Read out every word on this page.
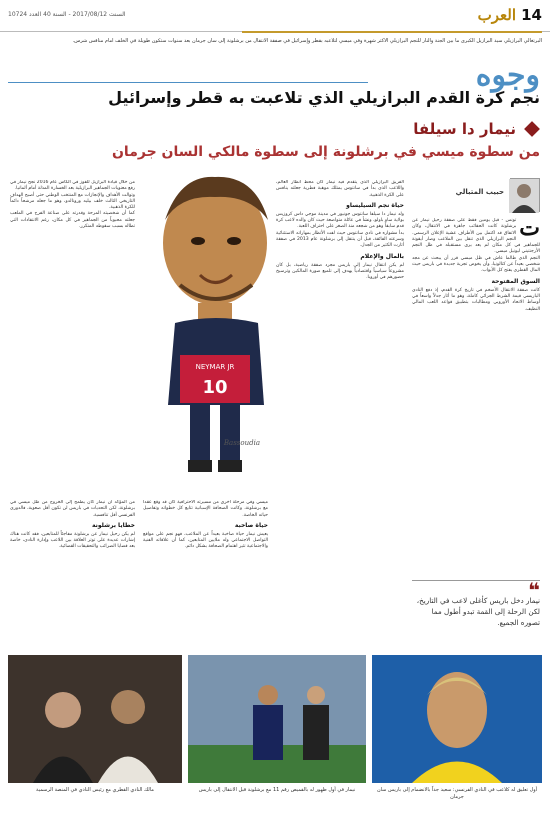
14
العرب
السنت 2017/08/12 - السنة 40 العدد 10724
البرتغالي البرازيلي سيد البرازيل الكبرى ما بين الجنة والنار للنجم البرازيلي الأكثر شهرة وفي ميسي لتلاعبه بقطر وإسرائيل في صفقة الانتقال من برشلونة إلى سان جرمان بعد سنوات ستكون طويلة في الخلف أمام منافس شرس.
وجوه
نجم كرة القدم البرازيلي الذي تلاعبت به قطر وإسرائيل
نيمار دا سيلفا
من سطوة ميسي في برشلونة إلى سطوة مالكي السان جرمان
حبيب المتبالي

ت
تونس - قبل يومين فقط على صفقة رحيل نيمار عن برشلونة كانت الحقائب جاهزة في الانتقال، وكان الاتفاق قد اكتمل بين الأطراف عشية الإعلان الرسمي. النجم البرازيلي الذي تنقل بين الملاعب وصار أيقونة للجماهير في كل مكان لم يعد يرى مستقبله في ظل النجم الأرجنتيني ليونيل ميسي.

النجم الذي طالما عاش في ظل ميسي قرر أن يبحث عن مجد شخصي بعيداً عن كتالونيا، وأن يخوض تجربة جديدة في باريس حيث المال القطري يفتح كل الأبواب.

السوق المفتوحة

كانت صفقة الانتقال الأضخم في تاريخ كرة القدم، إذ دفع النادي الباريسي قيمة الشرط الجزائي كاملة، وهو ما أثار جدلاً واسعاً في أوساط الاتحاد الأوروبي ومطالبات بتطبيق قواعد اللعب المالي النظيف.

❝
نيمار دخل باريس كأغلى لاعب في التاريخ، لكن الرحلة إلى القمة تبدو أطول مما تصوره الجميع.

الفريق البرازيلي الذي يتقدم فيه نيمار كان محط أنظار العالم، واللاعب الذي بدأ في سانتوس يمتلك موهبة فطرية جعلته ينافس على الكرة الذهبية.

حياة نجم السيليساو

ولد نيمار دا سيلفا سانتوس جونيور في مدينة موجي داس كروزيس بولاية ساو باولو، ونشأ في عائلة متواضعة حيث كان والده لاعب كرة قدم سابقاً وهو من شجعه منذ الصغر على احتراف اللعبة.

بدأ مشواره في نادي سانتوس حيث لفت الأنظار بمهاراته الاستثنائية وسرعته الفائقة، قبل أن ينتقل إلى برشلونة عام 2013 في صفقة أثارت الكثير من الجدل.

بالمال والإعلام

لم يكن انتقال نيمار إلى باريس مجرد صفقة رياضية، بل كان مشروعاً سياسياً واقتصادياً يهدف إلى تلميع صورة المالكين وترسيخ حضورهم في أوروبا.

NEYMAR JR
10
Bassoudia

ميسي وفي مرحلة أخرى من مسيرته الاحترافية كان قد وقع عقداً مع برشلونة، وكانت الصحافة الإسبانية تتابع كل خطواته وتفاصيل حياته الخاصة.

حياة صاخبة

يعيش نيمار حياة صاخبة بعيداً عن الملاعب، فهو نجم على مواقع التواصل الاجتماعي وله ملايين المتابعين، كما أن علاقاته الفنية والاجتماعية تثير اهتمام الصحافة بشكل دائم.

من المؤكد أن نيمار كان يطمح إلى الخروج من ظل ميسي في برشلونة، لكن التحديات في باريس لن تكون أقل صعوبة، فالدوري الفرنسي أقل تنافسية.

خطايا برشلونة

لم يكن رحيل نيمار عن برشلونة مفاجئاً للمتابعين، فقد كانت هناك إشارات عديدة على توتر العلاقة بين اللاعب وإدارة النادي، خاصة بعد قضايا الضرائب والتحقيقات القضائية.

من خلال قيادة البرازيل للفوز في الكأس عام 2016 نجح نيمار في رفع معنويات الجماهير البرازيلية بعد الخسارة المذلة أمام ألمانيا.

وتوالت الأهداف والإنجازات مع المنتخب الوطني حتى أصبح الهداف التاريخي الثالث خلف بيليه ورونالدو، وهو ما جعله مرشحاً دائماً للكرة الذهبية.

كما أن شخصيته المرحة وقدرته على صناعة الفرح في الملعب جعلته محبوباً من الجماهير في كل مكان، رغم الانتقادات التي تطاله بسبب سقوطه المتكرر.

أول تعليق له كلاعب في النادي الفرنسي: سعيد جداً بالانضمام إلى باريس سان جرمان
نيمار في أول ظهور له بالقميص رقم 11 مع برشلونة قبل الانتقال إلى باريس
مالك النادي القطري مع رئيس النادي في المنصة الرسمية
